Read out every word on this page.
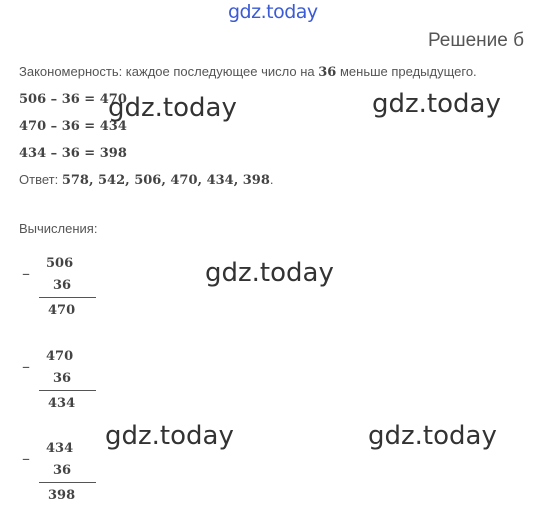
gdz.today
Решение б
Закономерность: каждое последующее число на 36 меньше предыдущего.
506 – 36 = 470
470 – 36 = 434
434 – 36 = 398
Ответ: 578, 542, 506, 470, 434, 398.
Вычисления:
–
506
36
470
–
470
36
434
–
434
36
398
gdz.today	gdz.today
gdz.today
gdz.today	gdz.today
